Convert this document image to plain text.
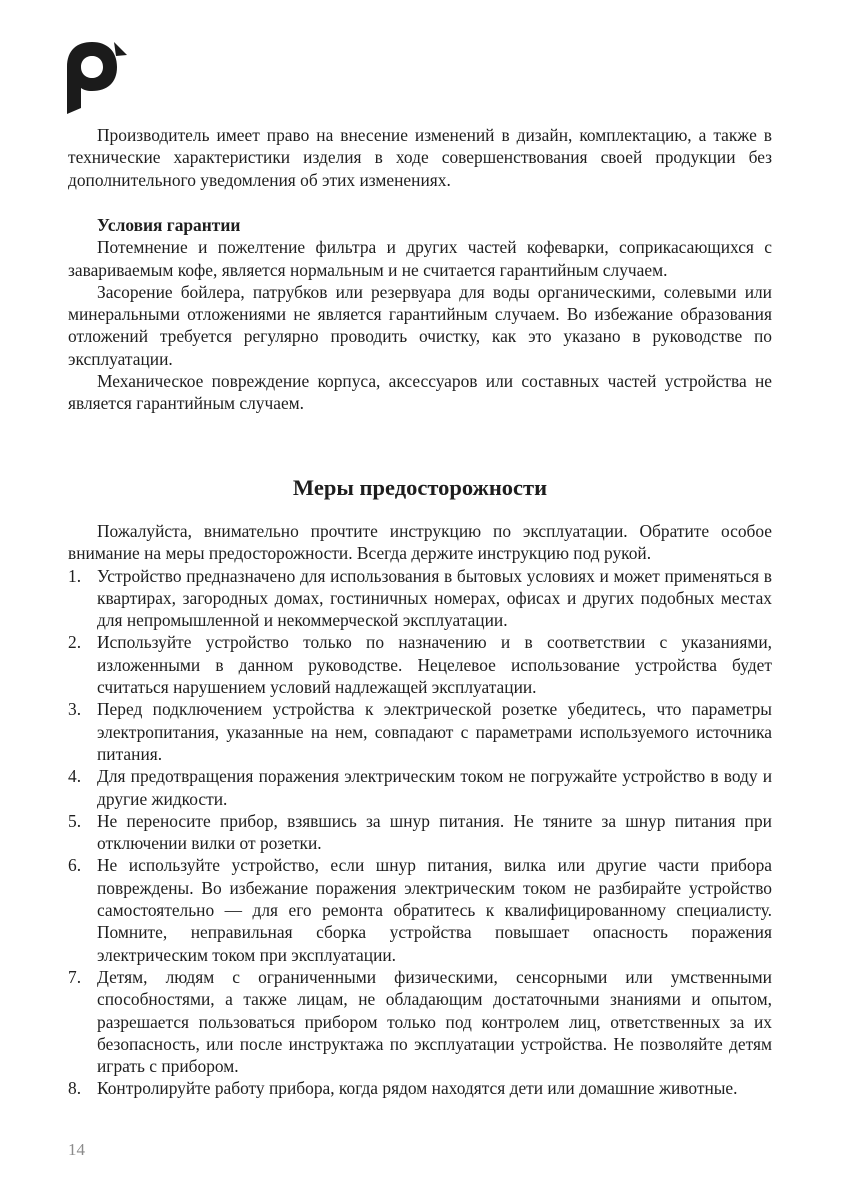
Производитель имеет право на внесение изменений в дизайн, комплектацию, а также в технические характеристики изделия в ходе совершенствования своей продукции без дополнительного уведомления об этих изменениях.

Условия гарантии

Потемнение и пожелтение фильтра и других частей кофеварки, соприкасающихся с завариваемым кофе, является нормальным и не считается гарантийным случаем.

Засорение бойлера, патрубков или резервуара для воды органическими, солевыми или минеральными отложениями не является гарантийным случаем. Во избежание образования отложений требуется регулярно проводить очистку, как это указано в руководстве по эксплуатации.

Механическое повреждение корпуса, аксессуаров или составных частей устройства не является гарантийным случаем.

Меры предосторожности

Пожалуйста, внимательно прочтите инструкцию по эксплуатации. Обратите особое внимание на меры предосторожности. Всегда держите инструкцию под рукой.

1. Устройство предназначено для использования в бытовых условиях и может применяться в квартирах, загородных домах, гостиничных номерах, офисах и других подобных местах для непромышленной и некоммерческой эксплуатации.
2. Используйте устройство только по назначению и в соответствии с указаниями, изложенными в данном руководстве. Нецелевое использование устройства будет считаться нарушением условий надлежащей эксплуатации.
3. Перед подключением устройства к электрической розетке убедитесь, что параметры электропитания, указанные на нем, совпадают с параметрами используемого источника питания.
4. Для предотвращения поражения электрическим током не погружайте устройство в воду и другие жидкости.
5. Не переносите прибор, взявшись за шнур питания. Не тяните за шнур питания при отключении вилки от розетки.
6. Не используйте устройство, если шнур питания, вилка или другие части прибора повреждены. Во избежание поражения электрическим током не разбирайте устройство самостоятельно — для его ремонта обратитесь к квалифицированному специалисту. Помните, неправильная сборка устройства повышает опасность поражения электрическим током при эксплуатации.
7. Детям, людям с ограниченными физическими, сенсорными или умственными способностями, а также лицам, не обладающим достаточными знаниями и опытом, разрешается пользоваться прибором только под контролем лиц, ответственных за их безопасность, или после инструктажа по эксплуатации устройства. Не позволяйте детям играть с прибором.
8. Контролируйте работу прибора, когда рядом находятся дети или домашние животные.
14
